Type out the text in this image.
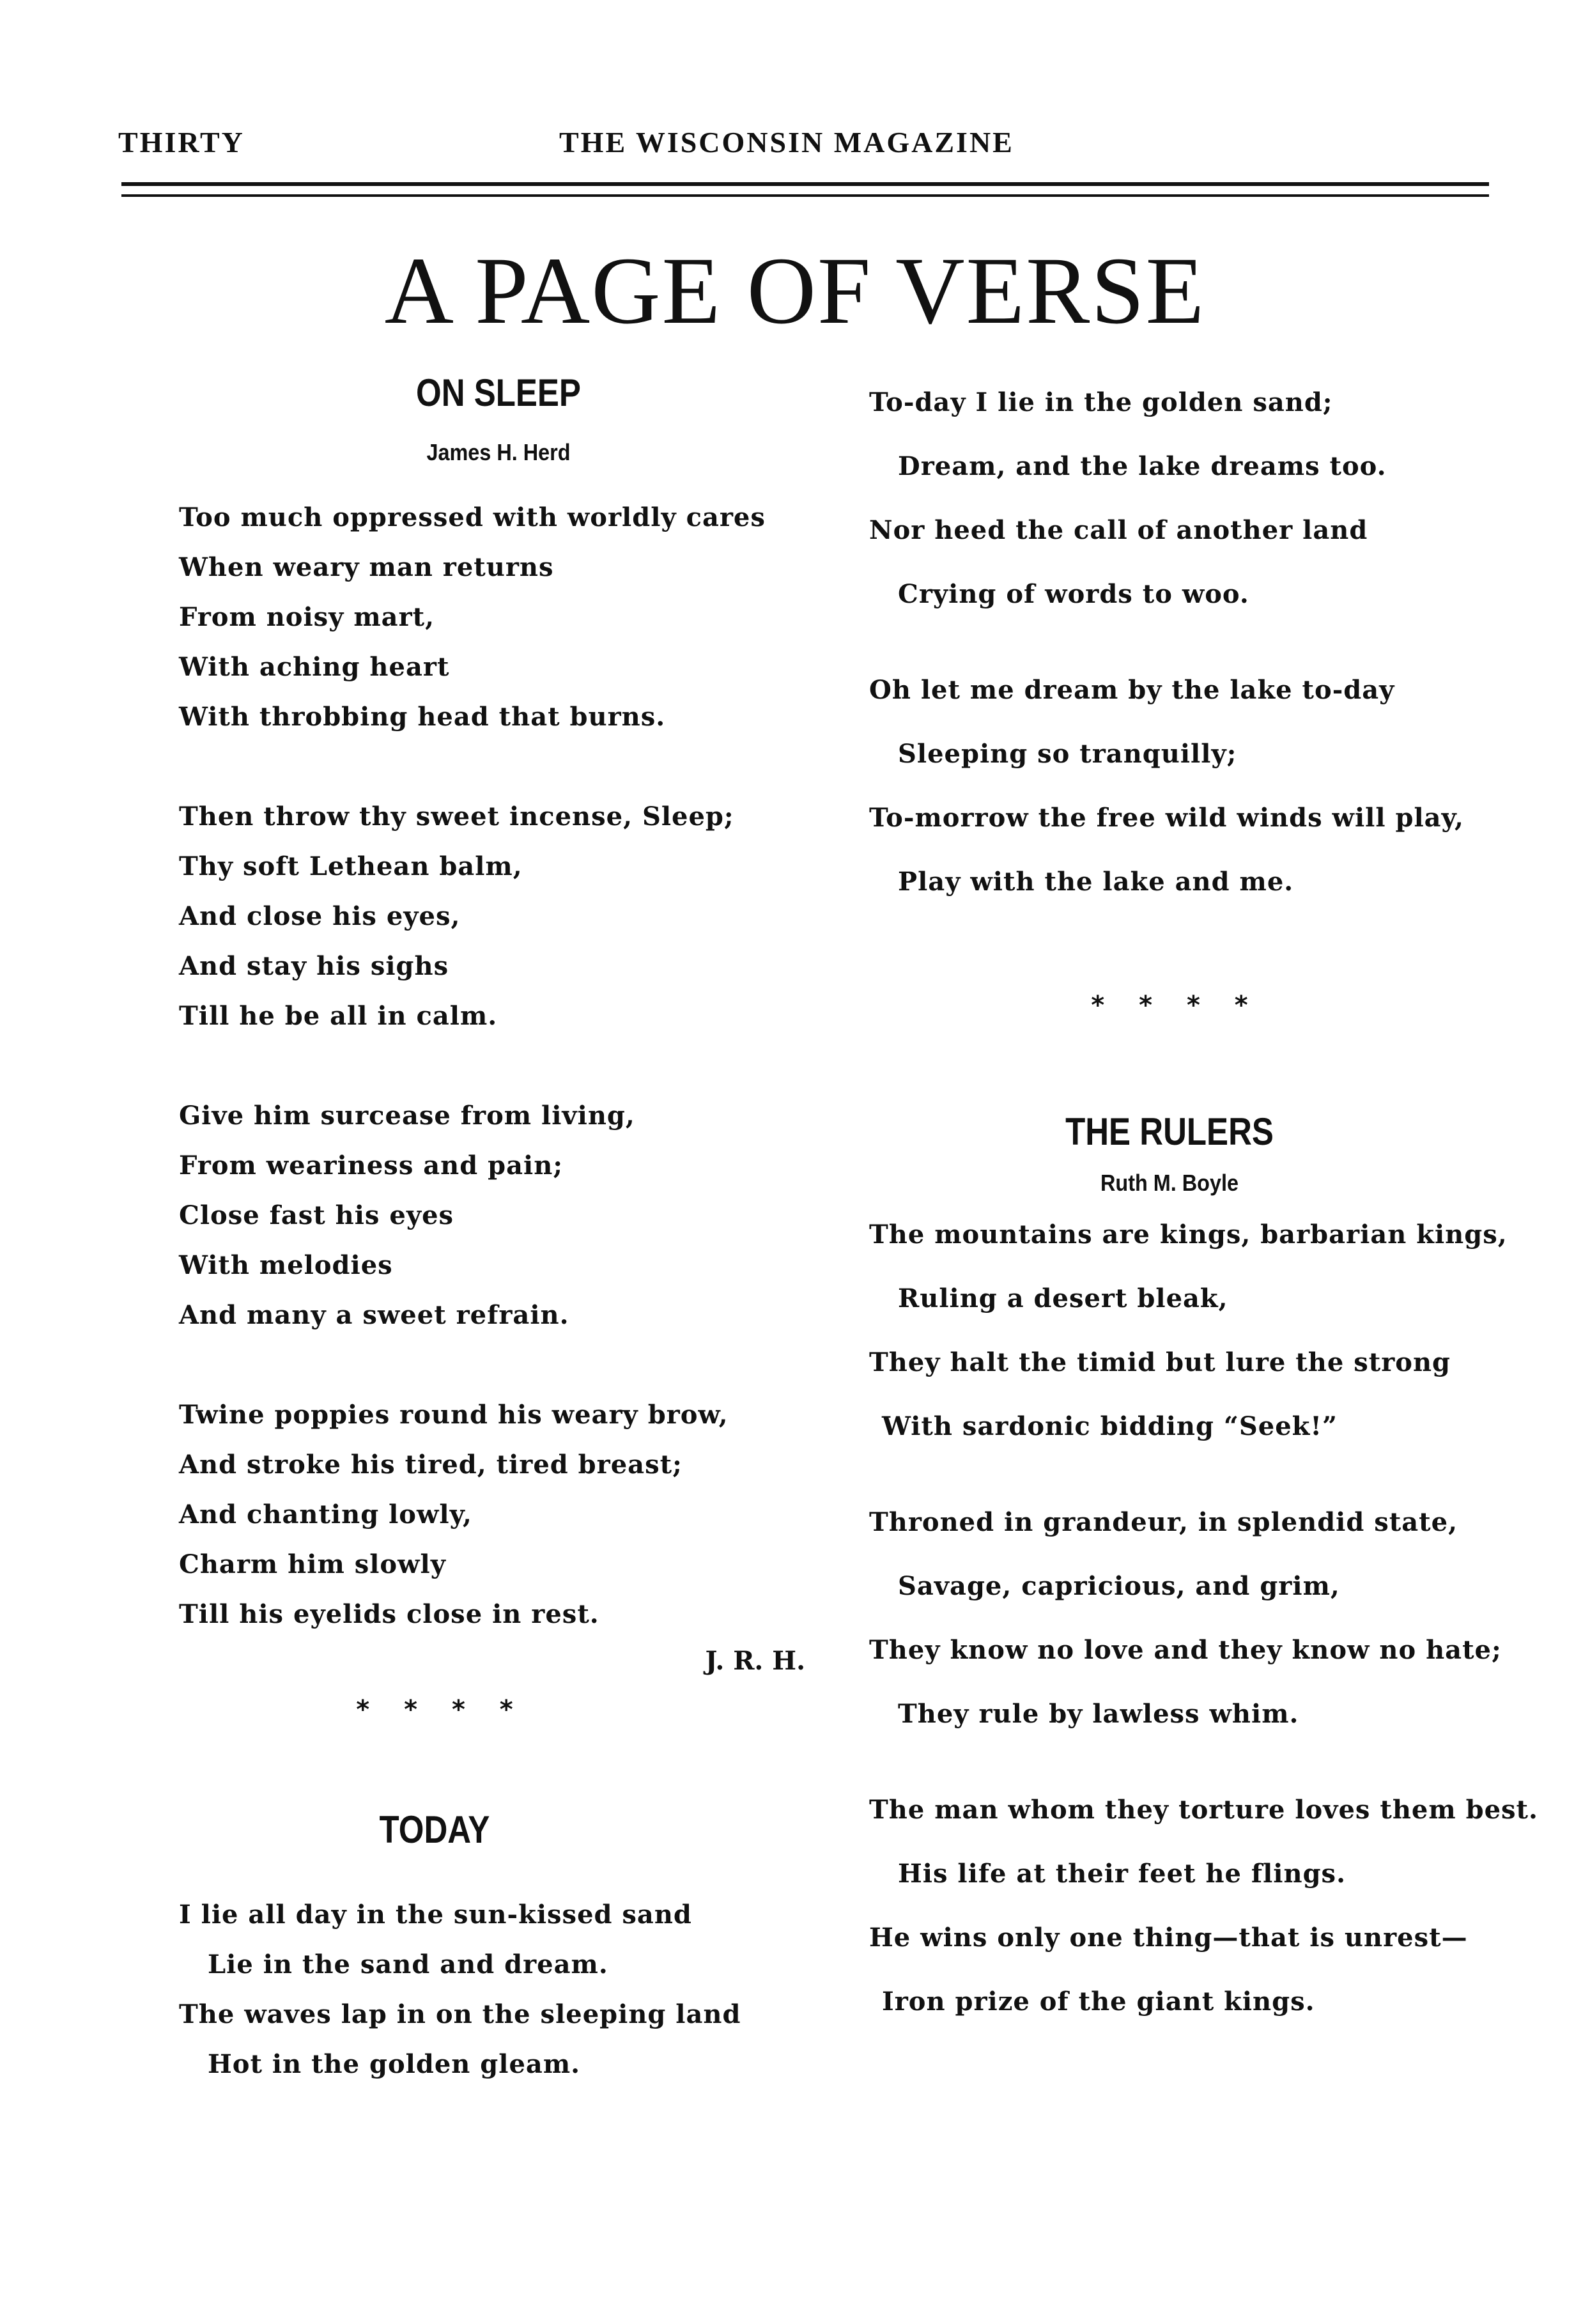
THIRTY	THE WISCONSIN MAGAZINE
A PAGE OF VERSE
ON SLEEP
James H. Herd
Too much oppressed with worldly cares
When weary man returns
From noisy mart,
With aching heart
With throbbing head that burns.
Then throw thy sweet incense, Sleep;
Thy soft Lethean balm,
And close his eyes,
And stay his sighs
Till he be all in calm.
Give him surcease from living,
From weariness and pain;
Close fast his eyes
With melodies
And many a sweet refrain.
Twine poppies round his weary brow,
And stroke his tired, tired breast;
And chanting lowly,
Charm him slowly
Till his eyelids close in rest.
J. R. H.
* * * *
TODAY
I lie all day in the sun-kissed sand
Lie in the sand and dream.
The waves lap in on the sleeping land
Hot in the golden gleam.
To-day I lie in the golden sand;
Dream, and the lake dreams too.
Nor heed the call of another land
Crying of words to woo.
Oh let me dream by the lake to-day
Sleeping so tranquilly;
To-morrow the free wild winds will play,
Play with the lake and me.
* * * *
THE RULERS
Ruth M. Boyle
The mountains are kings, barbarian kings,
Ruling a desert bleak,
They halt the timid but lure the strong
With sardonic bidding “Seek!”
Throned in grandeur, in splendid state,
Savage, capricious, and grim,
They know no love and they know no hate;
They rule by lawless whim.
The man whom they torture loves them best.
His life at their feet he flings.
He wins only one thing—that is unrest—
Iron prize of the giant kings.
